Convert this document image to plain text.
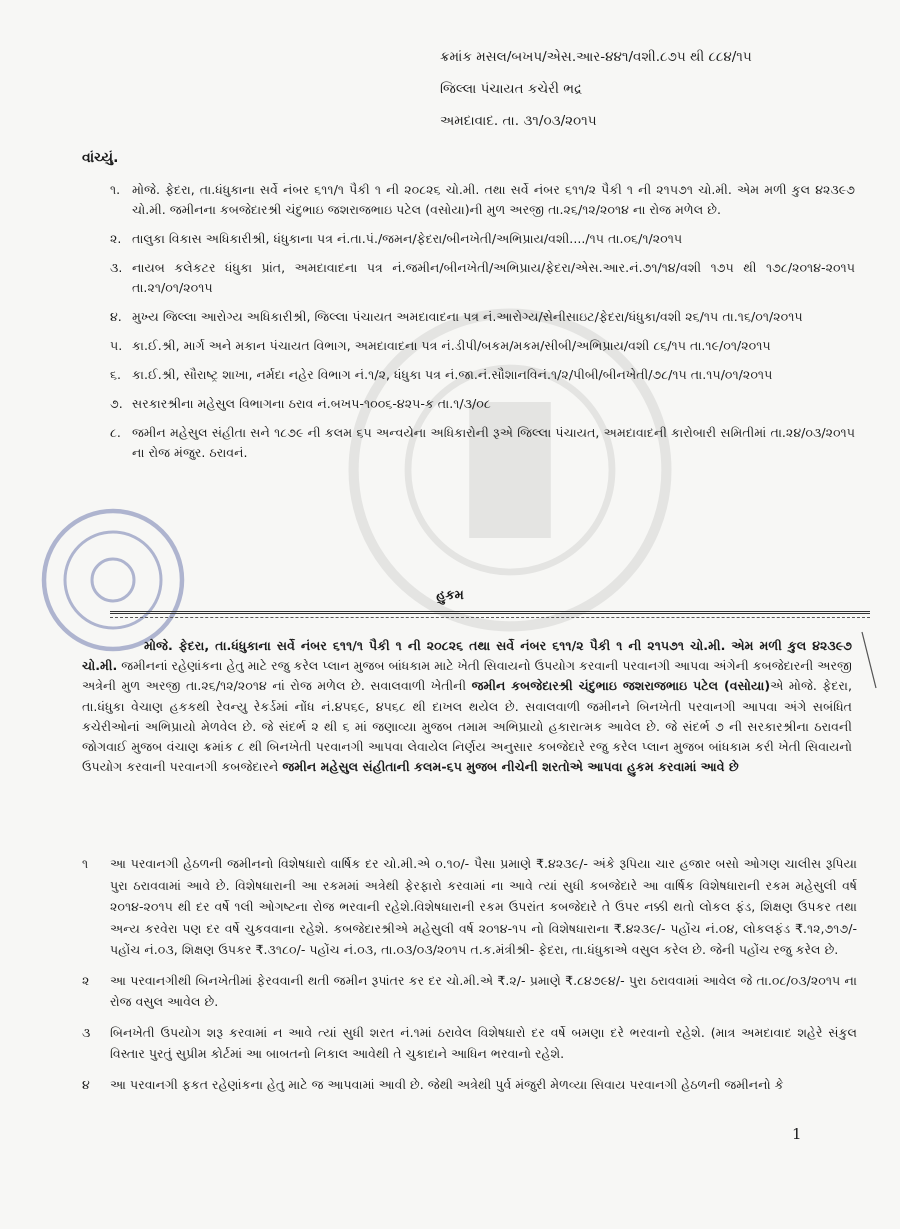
ક્રમાંક મસલ/બખપ/એસ.આર-૪૪૧/વશી.૮૭૫ થી ૮૮૪/૧૫
જિલ્લા પંચાયત કચેરી ભદ્ર
અમદાવાદ. તા. ૩૧/૦૩/૨૦૧૫
વાંચ્યું.
૧. મોજે. ફેદરા, તા.ધંધુકાના સર્વે નંબર ૬૧૧/૧ પૈકી ૧ ની ૨૦૮૨૬ ચો.મી. તથા સર્વે નંબર ૬૧૧/૨ પૈકી ૧ ની ૨૧૫૭૧ ચો.મી. એમ મળી કુલ ૪૨૩૯૭ ચો.મી. જમીનના કબજેદારશ્રી ચંદુભાઇ જશરાજભાઇ પટેલ (વસોયા)ની મુળ અરજી તા.૨૬/૧૨/૨૦૧૪ ના રોજ મળેલ છે.
૨. તાલુકા વિકાસ અધિકારીશ્રી, ધંધુકાના પત્ર નં.તા.પં./જમન/ફેદરા/બીનખેતી/અભિપ્રાય/વશી..../૧૫ તા.૦૬/૧/૨૦૧૫
૩. નાયબ કલેકટર ધંધુકા પ્રાંત, અમદાવાદના પત્ર નં.જમીન/બીનખેતી/અભિપ્રાય/ફેદરા/એસ.આર.નં.૭૧/૧૪/વશી ૧૭૫ થી ૧૭૮/૨૦૧૪-૨૦૧૫ તા.૨૧/૦૧/૨૦૧૫
૪. મુખ્ય જિલ્લા આરોગ્ય અધિકારીશ્રી, જિલ્લા પંચાયત અમદાવાદના પત્ર નં.આરોગ્ય/સેનીસાઇટ/ફેદરા/ધંધુકા/વશી ૨૬/૧૫ તા.૧૬/૦૧/૨૦૧૫
૫. કા.ઈ.શ્રી, માર્ગ અને મકાન પંચાયત વિભાગ, અમદાવાદના પત્ર નં.ડીપી/બકમ/મકમ/સીબી/અભિપ્રાય/વશી ૮૬/૧૫ તા.૧૯/૦૧/૨૦૧૫
૬. કા.ઈ.શ્રી, સૌરાષ્ટ્ર શાખા, નર્મદા નહેર વિભાગ નં.૧/૨, ધંધુકા પત્ર નં.જા.નં.સૌશાનવિનં.૧/૨/પીબી/બીનખેતી/૭૮/૧૫ તા.૧૫/૦૧/૨૦૧૫
૭. સરકારશ્રીના મહેસુલ વિભાગના ઠરાવ નં.બખપ-૧૦૦૬-૪૨૫-ક તા.૧/૩/૦૮
૮. જમીન મહેસુલ સંહીતા સને ૧૮૭૯ ની કલમ ૬૫ અન્વયેના અધિકારોની રૂએ જિલ્લા પંચાયત, અમદાવાદની કારોબારી સમિતીમાં તા.૨૪/૦૩/૨૦૧૫ ના રોજ મંજુર. ઠરાવનં.
હુકમ
મોજે. ફેદરા, તા.ધંધુકાના સર્વે નંબર ૬૧૧/૧ પૈકી ૧ ની ૨૦૮૨૬ તથા સર્વે નંબર ૬૧૧/૨ પૈકી ૧ ની ૨૧૫૭૧ ચો.મી. એમ મળી કુલ ૪૨૩૯૭ ચો.મી. જમીનનાં રહેણાંકના હેતુ માટે રજુ કરેલ પ્લાન મુજબ બાંધકામ માટે ખેતી સિવાયનો ઉપયોગ કરવાની પરવાનગી આપવા અંગેની કબજેદારની અરજી અત્રેની મુળ અરજી તા.૨૬/૧૨/૨૦૧૪ નાં રોજ મળેલ છે. સવાલવાળી ખેતીની જમીન કબજેદારશ્રી ચંદુભાઇ જશરાજભાઇ પટેલ (વસોયા)એ મોજે. ફેદરા, તા.ધંધુકા વેચાણ હકકથી રેવન્યુ રેકર્ડમાં નોંધ નં.૪૫૬૯, ૪૫૬૮ થી દાખલ થયેલ છે. સવાલવાળી જમીનને બિનખેતી પરવાનગી આપવા અંગે સબંધિત કચેરીઓનાં અભિપ્રાયો મેળવેલ છે. જે સંદર્ભ ૨ થી ૬ માં જણાવ્યા મુજબ તમામ અભિપ્રાયો હકારાત્મક આવેલ છે. જે સંદર્ભ ૭ ની સરકારશ્રીના ઠરાવની જોગવાઈ મુજબ વંચાણ ક્રમાંક ૮ થી બિનખેતી પરવાનગી આપવા લેવાયેલ નિર્ણય અનુસાર કબજેદારે રજુ કરેલ પ્લાન મુજબ બાંધકામ કરી ખેતી સિવાયનો ઉપયોગ કરવાની પરવાનગી કબજેદારને જમીન મહેસુલ સંહીતાની કલમ-૬૫ મુજબ નીચેની શરતોએ આપવા હુકમ કરવામાં આવે છે
૧	આ પરવાનગી હેઠળની જમીનનો વિશેષધારો વાર્ષિક દર ચો.મી.એ ૦.૧૦/- પૈસા પ્રમાણે ₹.૪૨૩૯/- અંકે રૂપિયા ચાર હજાર બસો ઓગણ ચાલીસ રૂપિયા પુરા ઠરાવવામાં આવે છે. વિશેષધારાની આ રકમમાં અત્રેથી ફેરફારો કરવામાં ના આવે ત્યાં સુધી કબજેદારે આ વાર્ષિક વિશેષધારાની રકમ મહેસુલી વર્ષ ૨૦૧૪-૨૦૧૫ થી દર વર્ષે ૧લી ઓગષ્ટના રોજ ભરવાની રહેશે.વિશેષધારાની રકમ ઉપરાંત કબજેદારે તે ઉપર નક્કી થતો લોકલ ફંડ, શિક્ષણ ઉપકર તથા અન્ય કરવેરા પણ દર વર્ષે ચુકવવાના રહેશે. કબજેદારશ્રીએ મહેસુલી વર્ષ ૨૦૧૪-૧૫ નો વિશેષધારાના ₹.૪૨૩૯/- પહોંચ નં.૦૪, લોકલફંડ ₹.૧૨,૭૧૭/- પહોંચ નં.૦૩, શિક્ષણ ઉપકર ₹.૩૧૮૦/- પહોંચ નં.૦૩, તા.૦૩/૦૩/૨૦૧૫ ત.ક.મંત્રીશ્રી- ફેદરા, તા.ધંધુકાએ વસુલ કરેલ છે. જેની પહોંચ રજુ કરેલ છે.
૨	આ પરવાનગીથી બિનખેતીમાં ફેરવવાની થતી જમીન રૂપાંતર કર દર ચો.મી.એ ₹.૨/- પ્રમાણે ₹.૮૪૭૯૪/- પુરા ઠરાવવામાં આવેલ જે તા.૦૮/૦૩/૨૦૧૫ ના રોજ વસુલ આવેલ છે.
૩	બિનખેતી ઉપયોગ શરૂ કરવામાં ન આવે ત્યાં સુધી શરત નં.૧માં ઠરાવેલ વિશેષધારો દર વર્ષે બમણા દરે ભરવાનો રહેશે. (માત્ર અમદાવાદ શહેરે સંકુલ વિસ્તાર પુરતું સુપ્રીમ કોર્ટમાં આ બાબતનો નિકાલ આવેથી તે ચુકાદાને આધિન ભરવાનો રહેશે.
૪	આ પરવાનગી ફકત રહેણાંકના હેતુ માટે જ આપવામાં આવી છે. જેથી અત્રેથી પુર્વ મંજુરી મેળવ્યા સિવાય પરવાનગી હેઠળની જમીનનો કે
1
